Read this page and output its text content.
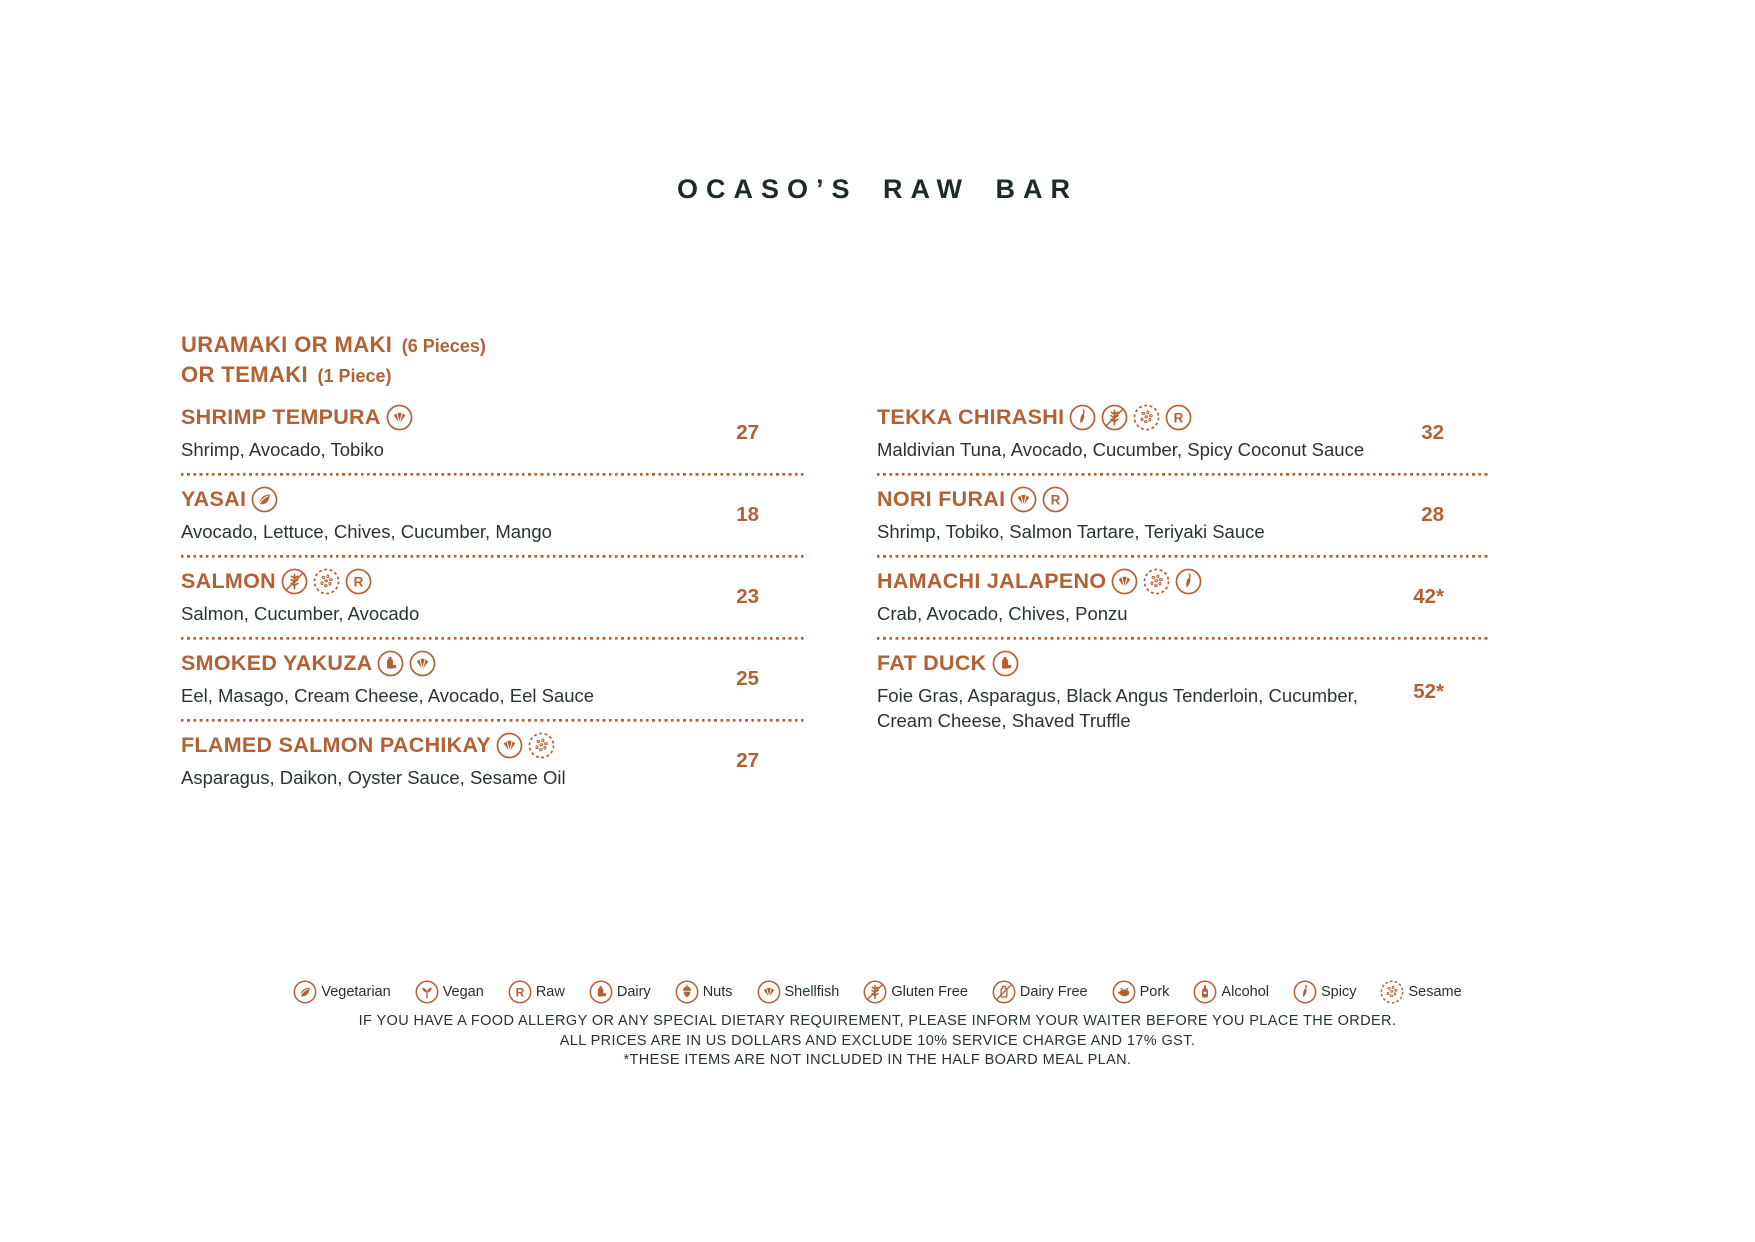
OCASO’S RAW BAR
URAMAKI OR MAKI (6 Pieces)
OR TEMAKI (1 Piece)
SHRIMP TEMPURA
Shrimp, Avocado, Tobiko
27
YASAI
Avocado, Lettuce, Chives, Cucumber, Mango
18
SALMON	R
Salmon, Cucumber, Avocado
23
SMOKED YAKUZA
Eel, Masago, Cream Cheese, Avocado, Eel Sauce
25
FLAMED SALMON PACHIKAY
Asparagus, Daikon, Oyster Sauce, Sesame Oil
27
TEKKA CHIRASHI	R
Maldivian Tuna, Avocado, Cucumber, Spicy Coconut Sauce
32
NORI FURAI	R
Shrimp, Tobiko, Salmon Tartare, Teriyaki Sauce
28
HAMACHI JALAPENO
Crab, Avocado, Chives, Ponzu
42*
FAT DUCK
Foie Gras, Asparagus, Black Angus Tenderloin, Cucumber, Cream Cheese, Shaved Truffle
52*
Vegetarian	Vegan	R Raw	Dairy	Nuts	Shellfish	Gluten Free	Dairy Free	Pork	Alcohol	Spicy	Sesame
IF YOU HAVE A FOOD ALLERGY OR ANY SPECIAL DIETARY REQUIREMENT, PLEASE INFORM YOUR WAITER BEFORE YOU PLACE THE ORDER.
ALL PRICES ARE IN US DOLLARS AND EXCLUDE 10% SERVICE CHARGE AND 17% GST.
*THESE ITEMS ARE NOT INCLUDED IN THE HALF BOARD MEAL PLAN.
